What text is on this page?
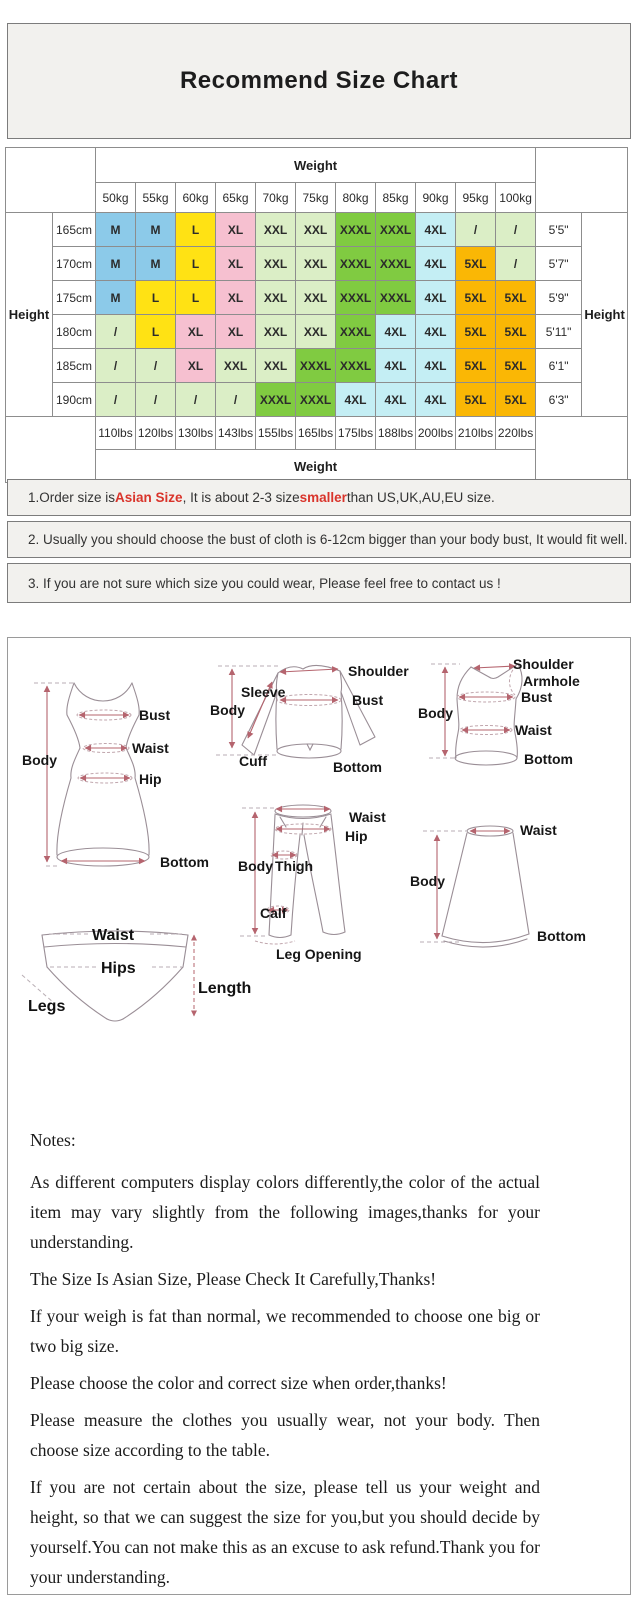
Recommend Size Chart
		Weight												
		50kg	55kg	60kg	65kg	70kg	75kg	80kg	85kg	90kg	95kg	100kg		
Height	165cm	M	M	L	XL	XXL	XXL	XXXL	XXXL	4XL	/	/	5'5"	Height
	170cm	M	M	L	XL	XXL	XXL	XXXL	XXXL	4XL	5XL	/	5'7"	
	175cm	M	L	L	XL	XXL	XXL	XXXL	XXXL	4XL	5XL	5XL	5'9"	
	180cm	/	L	XL	XL	XXL	XXL	XXXL	4XL	4XL	5XL	5XL	5'11"	
	185cm	/	/	XL	XXL	XXL	XXXL	XXXL	4XL	4XL	5XL	5XL	6'1"	
	190cm	/	/	/	/	XXXL	XXXL	4XL	4XL	4XL	5XL	5XL	6'3"	
		110lbs	120lbs	130lbs	143lbs	155lbs	165lbs	175lbs	188lbs	200lbs	210lbs	220lbs		
		Weight												
1.Order size is Asian Size , It is about 2-3 size smaller than US,UK,AU,EU size.
2. Usually you should choose the bust of cloth is 6-12cm bigger than your body bust, It would fit well.
3. If you are not sure which size you could wear, Please feel free to contact us !
Body
Bust
Waist
Hip
Bottom
Sleeve
Body
Cuff
Shoulder
Bust
Bottom
Body
Shoulder
Armhole
Bust
Waist
Bottom
Waist
Hip
Body Thigh
Calf
Leg Opening
Waist
Body
Bottom
Waist
Hips
Legs
Length

Notes:

As different computers display colors differently,the color of the actual item may vary slightly from the following images,thanks for your understanding.

The Size Is Asian Size, Please Check It Carefully,Thanks!

If your weigh is fat than normal, we recommended to choose one big or two big size.

Please choose the color and correct size when order,thanks!

Please measure the clothes you usually wear, not your body. Then choose size according to the table.

If you are not certain about the size, please tell us your weight and height, so that we can suggest the size for you,but you should decide by yourself.You can not make this as an excuse to ask refund.Thank you for your understanding.
